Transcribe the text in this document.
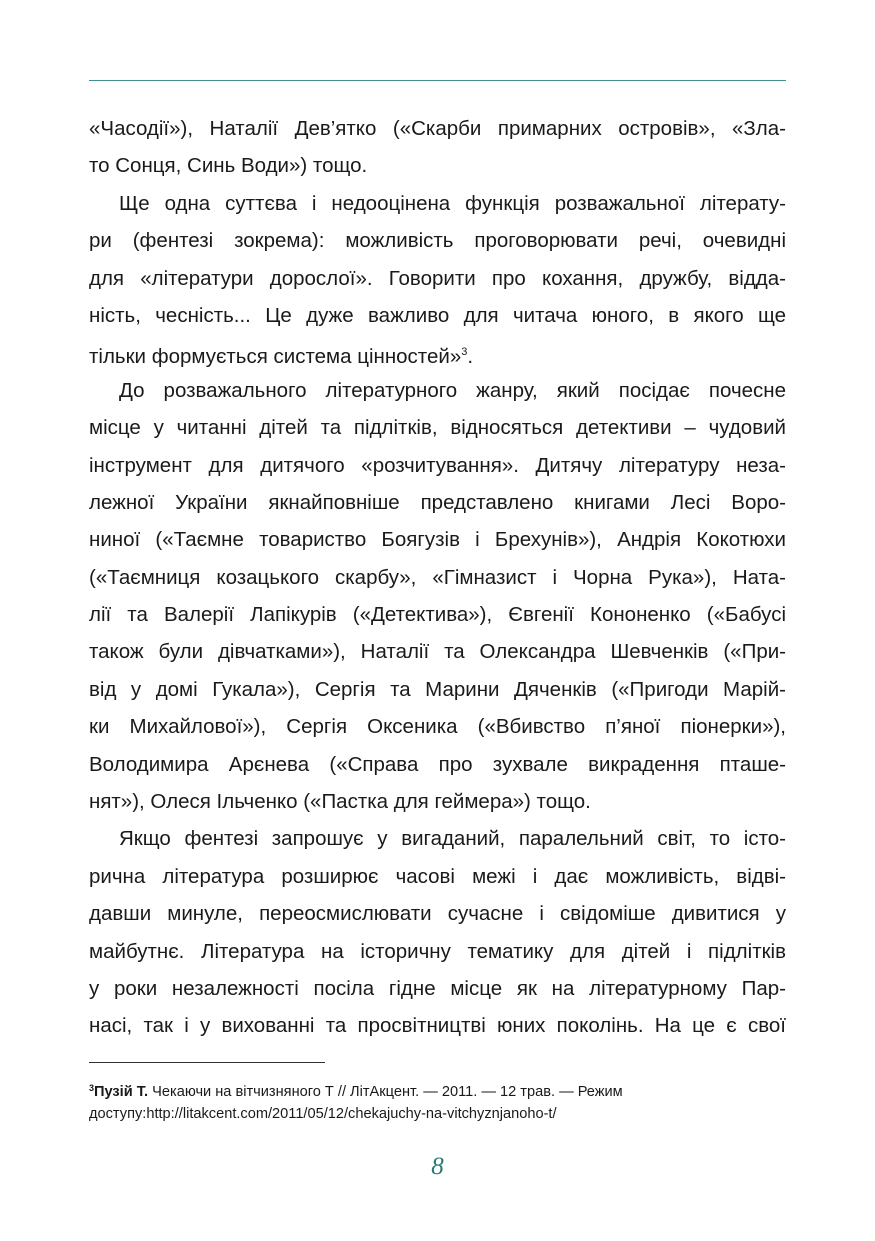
«Часодії»), Наталії Дев’ятко («Скарби примарних островів», «Зла-
то Сонця, Синь Води») тощо.
Ще одна суттєва і недооцінена функція розважальної літерату-
ри (фентезі зокрема): можливість проговорювати речі, очевидні
для «літератури дорослої». Говорити про кохання, дружбу, відда-
ність, чесність... Це дуже важливо для читача юного, в якого ще
тільки формується система цінностей»$^3$.
До розважального літературного жанру, який посідає почесне
місце у читанні дітей та підлітків, відносяться детективи – чудовий
інструмент для дитячого «розчитування». Дитячу літературу неза-
лежної України якнайповніше представлено книгами Лесі Воро-
ниної («Таємне товариство Боягузів і Брехунів»), Андрія Кокотюхи
(«Таємниця козацького скарбу», «Гімназист і Чорна Рука»), Ната-
лії та Валерії Лапікурів («Детектива»), Євгенії Кононенко («Бабусі
також були дівчатками»), Наталії та Олександра Шевченків («При-
від у домі Гукала»), Сергія та Марини Дяченків («Пригоди Марій-
ки Михайлової»), Сергія Оксеника («Вбивство п’яної піонерки»),
Володимира Арєнева («Справа про зухвале викрадення пташе-
нят»), Олеся Ільченко («Пастка для геймера») тощо.
Якщо фентезі запрошує у вигаданий, паралельний світ, то істо-
рична література розширює часові межі і дає можливість, відві-
давши минуле, переосмислювати сучасне і свідоміше дивитися у
майбутнє. Література на історичну тематику для дітей і підлітків
у роки незалежності посіла гідне місце як на літературному Пар-
насі, так і у вихованні та просвітництві юних поколінь. На це є свої
$^3$Пузій Т. Чекаючи на вітчизняного Т // ЛітАкцент. — 2011. — 12 трав. — Режим
доступу:http://litakcent.com/2011/05/12/chekajuchy-na-vitchyznjanoho-t/
8
